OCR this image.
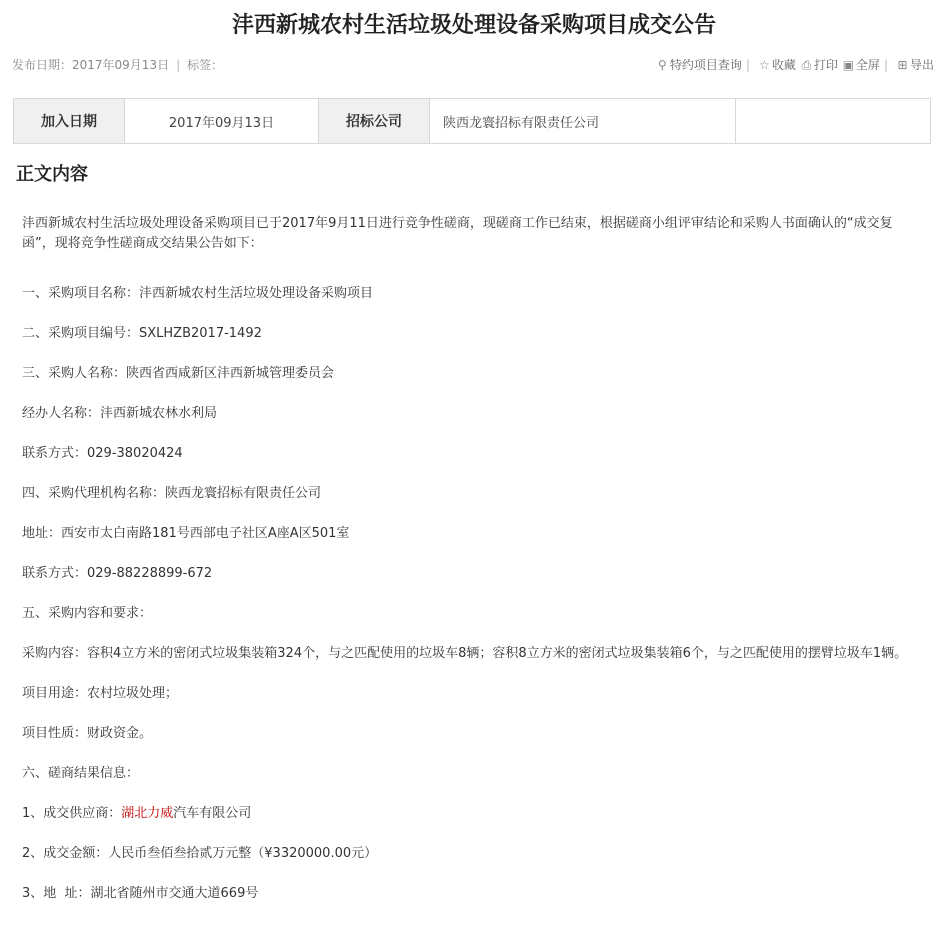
沣西新城农村生活垃圾处理设备采购项目成交公告
发布日期：2017年09月13日 | 标签：	⚲ 特约项目查询 | ☆ 收藏 ⎙ 打印 ▣ 全屏 | ⊞ 导出
加入日期	2017年09月13日	招标公司	陕西龙寰招标有限责任公司
正文内容

沣西新城农村生活垃圾处理设备采购项目已于2017年9月11日进行竞争性磋商，现磋商工作已结束，根据磋商小组评审结论和采购人书面确认的“成交复函”，现将竞争性磋商成交结果公告如下：

一、采购项目名称：沣西新城农村生活垃圾处理设备采购项目

二、采购项目编号：SXLHZB2017-1492

三、采购人名称：陕西省西咸新区沣西新城管理委员会

经办人名称：沣西新城农林水利局

联系方式：029-38020424

四、采购代理机构名称：陕西龙寰招标有限责任公司

地址：西安市太白南路181号西部电子社区A座A区501室

联系方式：029-88228899-672

五、采购内容和要求：

采购内容：容积4立方米的密闭式垃圾集装箱324个，与之匹配使用的垃圾车8辆；容积8立方米的密闭式垃圾集装箱6个，与之匹配使用的摆臂垃圾车1辆。

项目用途：农村垃圾处理；

项目性质：财政资金。

六、磋商结果信息：

1、成交供应商：湖北力威汽车有限公司

2、成交金额：人民币叁佰叁拾贰万元整（¥3320000.00元）

3、地  址：湖北省随州市交通大道669号
